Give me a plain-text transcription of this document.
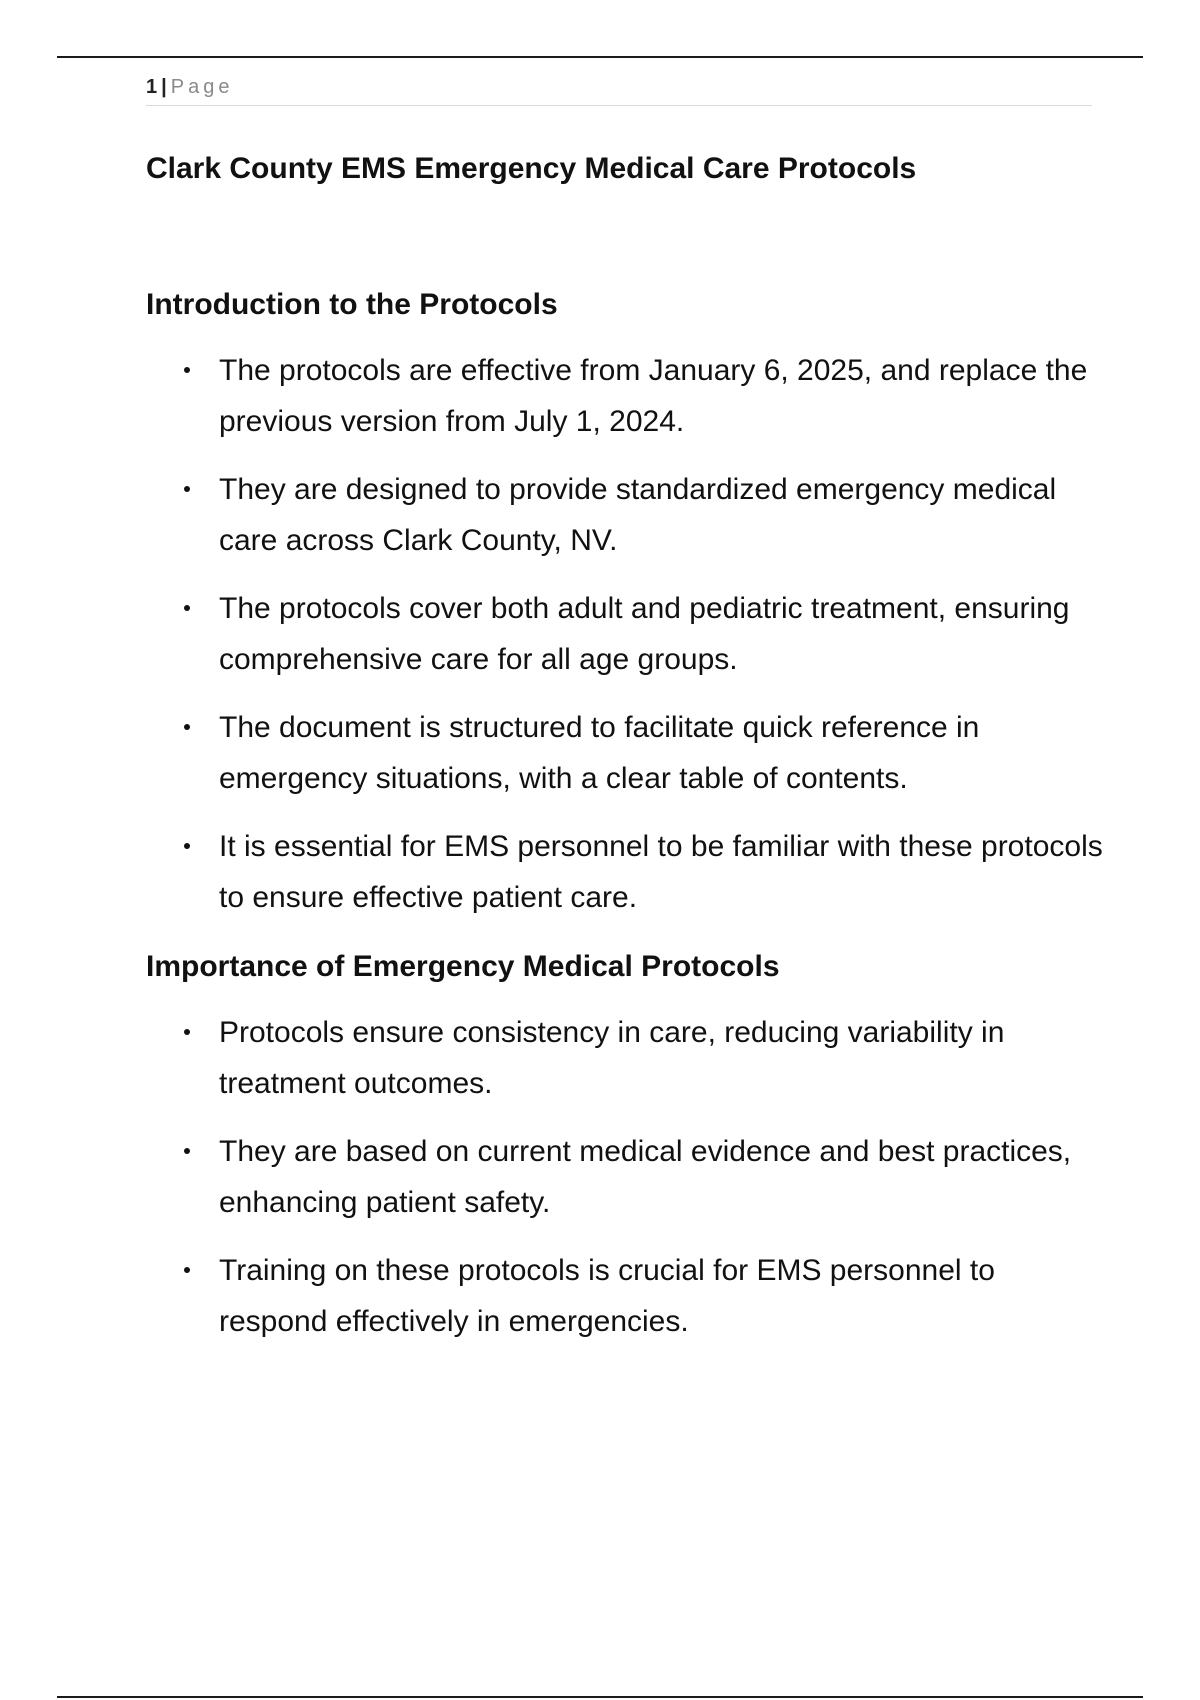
1 | Page
Clark County EMS Emergency Medical Care Protocols
Introduction to the Protocols
The protocols are effective from January 6, 2025, and replace the previous version from July 1, 2024.
They are designed to provide standardized emergency medical care across Clark County, NV.
The protocols cover both adult and pediatric treatment, ensuring comprehensive care for all age groups.
The document is structured to facilitate quick reference in emergency situations, with a clear table of contents.
It is essential for EMS personnel to be familiar with these protocols to ensure effective patient care.
Importance of Emergency Medical Protocols
Protocols ensure consistency in care, reducing variability in treatment outcomes.
They are based on current medical evidence and best practices, enhancing patient safety.
Training on these protocols is crucial for EMS personnel to respond effectively in emergencies.
